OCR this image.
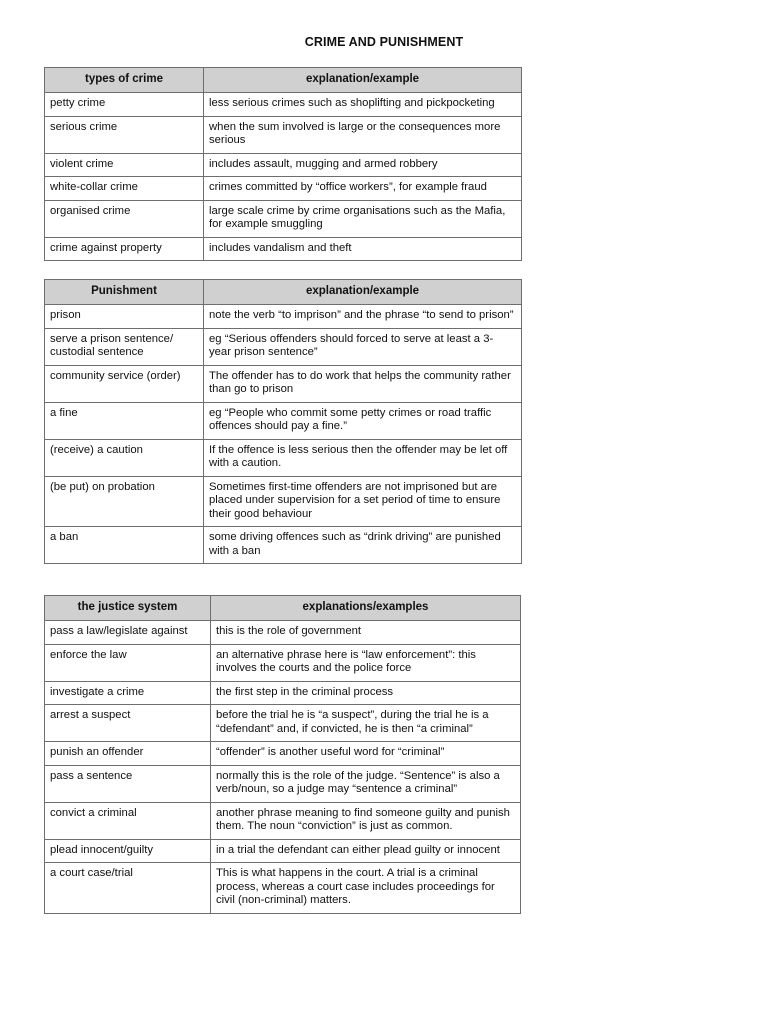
CRIME AND PUNISHMENT
types of crime	explanation/example
petty crime	less serious crimes such as shoplifting and pickpocketing
serious crime	when the sum involved is large or the consequences more serious
violent crime	includes assault, mugging and armed robbery
white-collar crime	crimes committed by “office workers”, for example fraud
organised crime	large scale crime by crime organisations such as the Mafia, for example smuggling
crime against property	includes vandalism and theft
Punishment	explanation/example
prison	note the verb “to imprison” and the phrase “to send to prison”
serve a prison sentence/ custodial sentence	eg “Serious offenders should forced to serve at least a 3-year prison sentence”
community service (order)	The offender has to do work that helps the community rather than go to prison
a fine	eg “People who commit some petty crimes or road traffic offences should pay a fine.”
(receive) a caution	If the offence is less serious then the offender may be let off with a caution.
(be put) on probation	Sometimes first-time offenders are not imprisoned but are placed under supervision for a set period of time to ensure their good behaviour
a ban	some driving offences such as “drink driving” are punished with a ban
the justice system	explanations/examples
pass a law/legislate against	this is the role of government
enforce the law	an alternative phrase here is “law enforcement”: this involves the courts and the police force
investigate a crime	the first step in the criminal process
arrest a suspect	before the trial he is “a suspect”, during the trial he is a “defendant” and, if convicted, he is then “a criminal”
punish an offender	“offender” is another useful word for “criminal”
pass a sentence	normally this is the role of the judge. “Sentence” is also a verb/noun, so a judge may “sentence a criminal”
convict a criminal	another phrase meaning to find someone guilty and punish them. The noun “conviction” is just as common.
plead innocent/guilty	in a trial the defendant can either plead guilty or innocent
a court case/trial	This is what happens in the court. A trial is a criminal process, whereas a court case includes proceedings for civil (non-criminal) matters.
